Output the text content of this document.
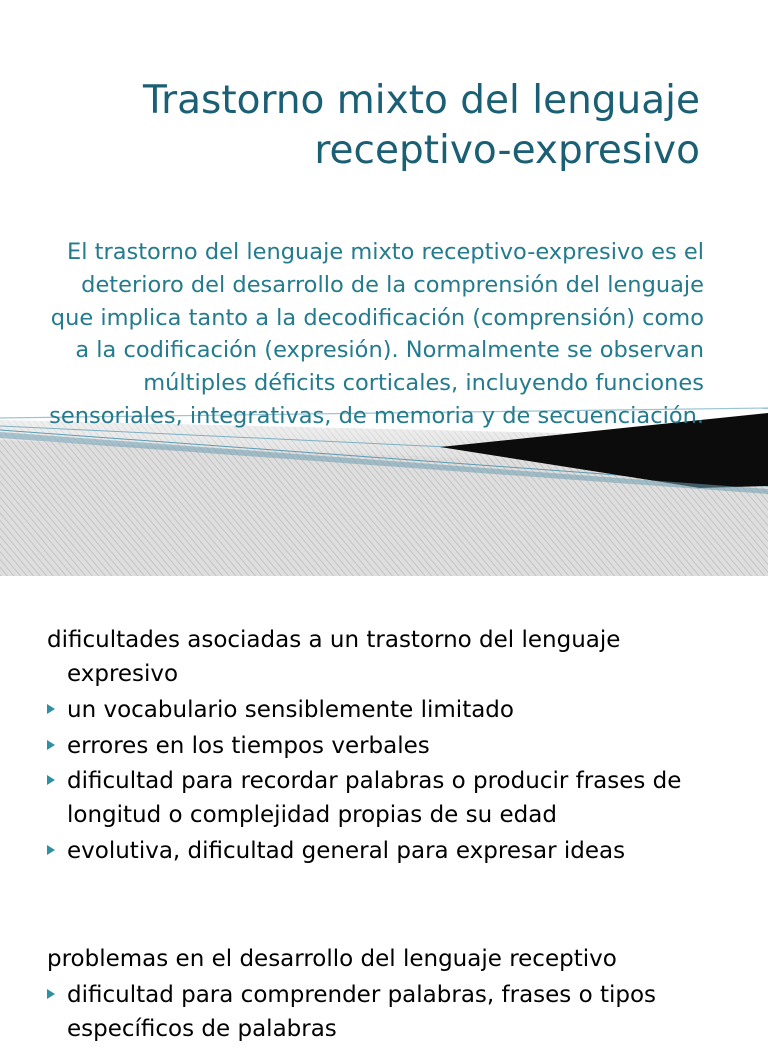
Trastorno mixto del lenguaje receptivo-expresivo

El trastorno del lenguaje mixto receptivo-expresivo es el deterioro del desarrollo de la comprensión del lenguaje que implica tanto a la decodificación (comprensión) como a la codificación (expresión). Normalmente se observan múltiples déficits corticales, incluyendo funciones sensoriales, integrativas, de memoria y de secuenciación.

dificultades asociadas a un trastorno del lenguaje expresivo

un vocabulario sensiblemente limitado
errores en los tiempos verbales
dificultad para recordar palabras o producir frases de longitud o complejidad propias de su edad
evolutiva, dificultad general para expresar ideas

problemas en el desarrollo del lenguaje receptivo

dificultad para comprender palabras, frases o tipos específicos de palabras
